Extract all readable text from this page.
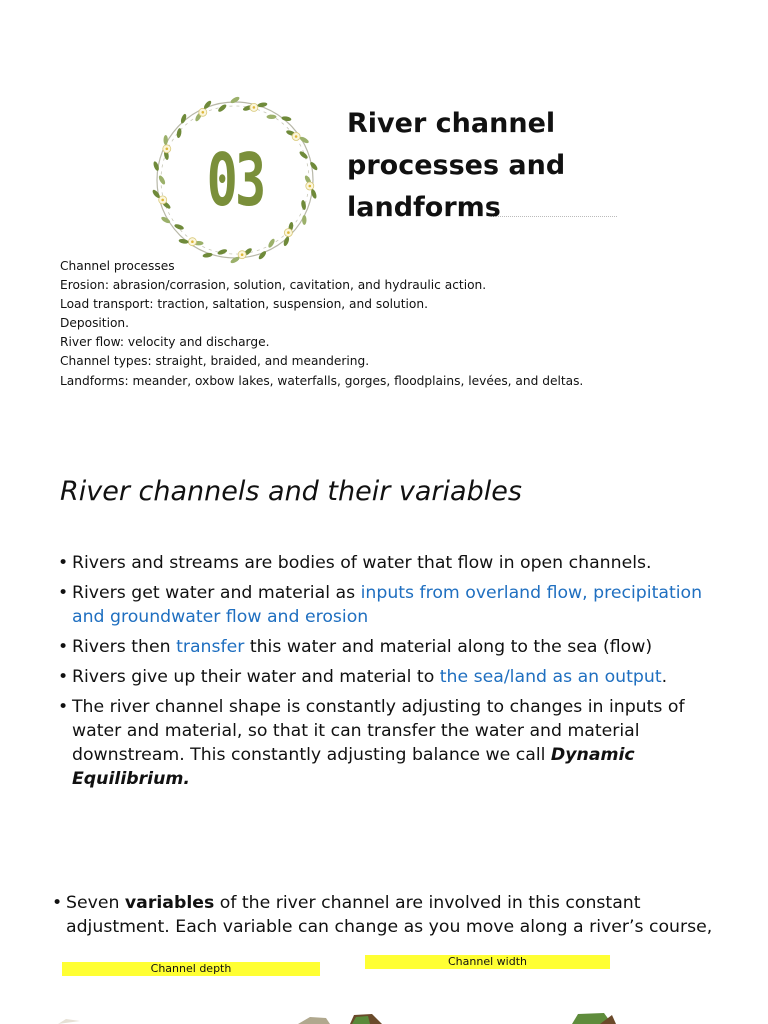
03
River channel
processes and
landforms
Channel processes
Erosion: abrasion/corrasion, solution, cavitation, and hydraulic action.
Load transport: traction, saltation, suspension, and solution.
Deposition.
River flow: velocity and discharge.
Channel types: straight, braided, and meandering.
Landforms: meander, oxbow lakes, waterfalls, gorges, floodplains, levées, and deltas.
River channels and their variables
• Rivers and streams are bodies of water that flow in open channels.
• Rivers get water and material as inputs from overland flow, precipitation and groundwater flow and erosion
• Rivers then transfer this water and material along to the sea (flow)
• Rivers give up their water and material to the sea/land as an output.
• The river channel shape is constantly adjusting to changes in inputs of water and material, so that it can transfer the water and material downstream. This constantly adjusting balance we call Dynamic Equilibrium.
• Seven variables of the river channel are involved in this constant adjustment. Each variable can change as you move along a river’s course,
Channel depth
Channel width
